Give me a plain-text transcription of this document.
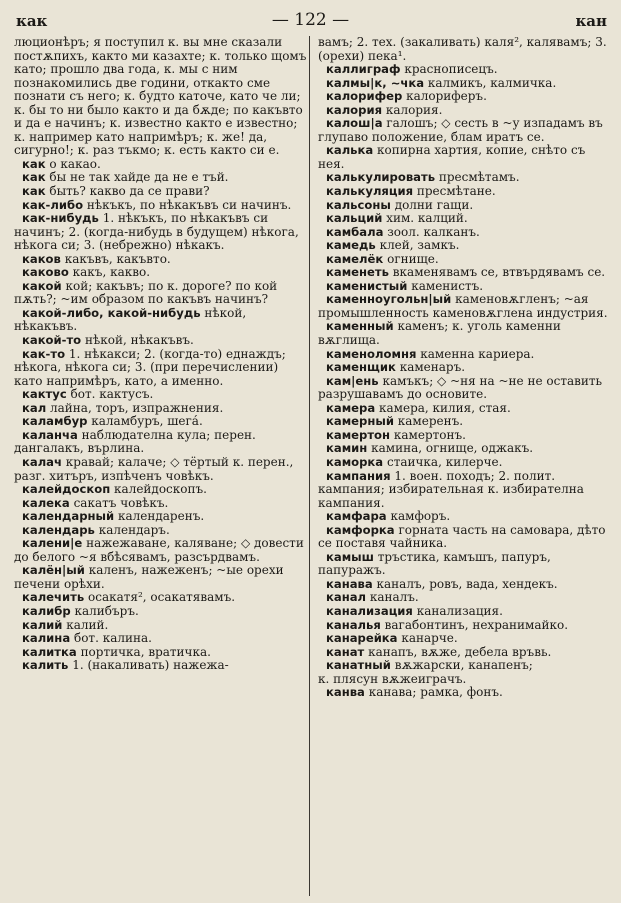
как	— 122 —	кан

люционѣръ; я поступил к. вы мне сказали постѫпихъ, както ми казахте; к. только щомъ като; прошло два года, к. мы с ним познакомились две години, откакто сме познати съ него; к. будто каточе, като че ли; к. бы то ни было както и да бѫде; по какъвто и да е начинъ; к. известно както е известно; к. например като напримѣръ; к. же! да, сигурно!; к. раз тъкмо; к. есть както си е.

как о какао.

как бы не так хайде да не е тъй.

как быть? какво да се прави?

как-либо нѣкъкъ, по нѣкакъвъ си начинъ.

как-нибудь 1. нѣкъкъ, по нѣкакъвъ си начинъ; 2. (когда-нибудь в будущем) нѣкога, нѣкога си; 3. (небрежно) нѣкакъ.

каков какъвъ, какъвто.

каково какъ, какво.

какой кой; какъвъ; по к. дороге? по кой пѫть?; ~им образом по какъвъ начинъ?

какой-либо, какой-нибудь нѣкой, нѣкакъвъ.

какой-то нѣкой, нѣкакъвъ.

как-то 1. нѣкакси; 2. (когда-то) еднаждъ; нѣкога, нѣкога си; 3. (при перечислении) като напримѣръ, като, а именно.

кактус бот. кактусъ.

кал лайна, торъ, изпражнения.

каламбур каламбуръ, шегá.

каланча наблюдателна кула; перен. дангалакъ, върлина.

калач кравай; калаче; ◇ тёртый к. перен., разг. хитъръ, изпѣченъ човѣкъ.

калейдоскоп калейдоскопъ.

калека сакатъ човѣкъ.

календарный календаренъ.

календарь календаръ.

калени|е нажежаване, каляване; ◇ довести до белого ~я вбѣсявамъ, разсърдвамъ.

калён|ый каленъ, нажеженъ; ~ые орехи печени орѣхи.

калечить осакатя², осакатявамъ.

калибр калибъръ.

калий калий.

калина бот. калина.

калитка портичка, вратичка.

калить 1. (накаливать) нажежа-

вамъ; 2. тех. (закаливать) каля², калявамъ; 3. (орехи) пека¹.

каллиграф краснописецъ.

калмы|к, ~чка калмикъ, калмичка.

калорифер калориферъ.

калория калория.

калош|а галошъ; ◇ сесть в ~у изпадамъ въ глупаво положение, блам иратъ се.

калька копирна хартия, копие, снѣто съ нея.

калькулировать пресмѣтамъ.

калькуляция пресмѣтане.

кальсоны долни гащи.

кальций хим. калций.

камбала зоол. калканъ.

камедь клей, замкъ.

камелёк огнище.

каменеть вкаменявамъ се, втвърдявамъ се.

каменистый каменистъ.

каменноугольн|ый каменовѫгленъ; ~ая промышленность каменовѫглена индустрия.

каменный каменъ; к. уголь каменни вѫглища.

каменоломня каменна кариера.

каменщик каменаръ.

кам|ень камъкъ; ◇ ~ня на ~не не оставить разрушавамъ до основите.

камера камера, килия, стая.

камерный камеренъ.

камертон камертонъ.

камин камина, огнище, оджакъ.

каморка стаичка, килерче.

кампания 1. воен. походъ; 2. полит. кампания; избирательная к. избирателна кампания.

камфара камфоръ.

камфорка горната часть на самовара, дѣто се поставя чайника.

камыш тръстика, камъшъ, папуръ, папуражъ.

канава каналъ, ровъ, вада, хендекъ.

канал каналъ.

канализация канализация.

каналья вагабонтинъ, нехранимайко.

канарейка канарче.

канат канапъ, вѫже, дебела връвь.

канатный вѫжарски, канапенъ;

к. плясун вѫжеиграчъ.

канва канава; рамка, фонъ.
